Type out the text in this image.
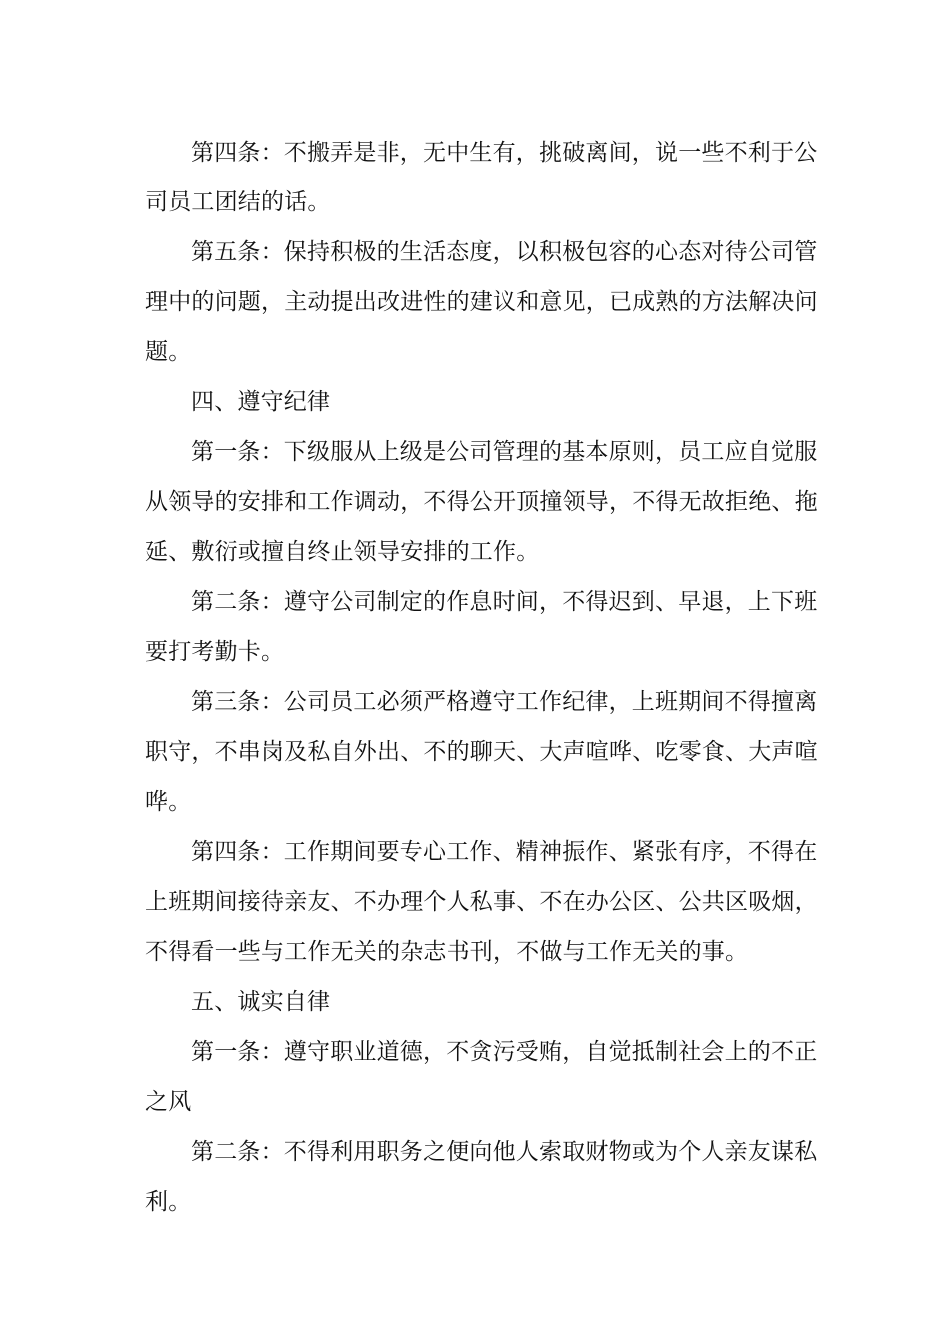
第四条：不搬弄是非，无中生有，挑破离间，说一些不利于公
司员工团结的话。
第五条：保持积极的生活态度，以积极包容的心态对待公司管
理中的问题，主动提出改进性的建议和意见，已成熟的方法解决问
题。
四、遵守纪律
第一条：下级服从上级是公司管理的基本原则，员工应自觉服
从领导的安排和工作调动，不得公开顶撞领导，不得无故拒绝、拖
延、敷衍或擅自终止领导安排的工作。
第二条：遵守公司制定的作息时间，不得迟到、早退，上下班
要打考勤卡。
第三条：公司员工必须严格遵守工作纪律，上班期间不得擅离
职守，不串岗及私自外出、不的聊天、大声喧哗、吃零食、大声喧
哗。
第四条：工作期间要专心工作、精神振作、紧张有序，不得在
上班期间接待亲友、不办理个人私事、不在办公区、公共区吸烟，
不得看一些与工作无关的杂志书刊，不做与工作无关的事。
五、诚实自律
第一条：遵守职业道德，不贪污受贿，自觉抵制社会上的不正
之风
第二条：不得利用职务之便向他人索取财物或为个人亲友谋私
利。
